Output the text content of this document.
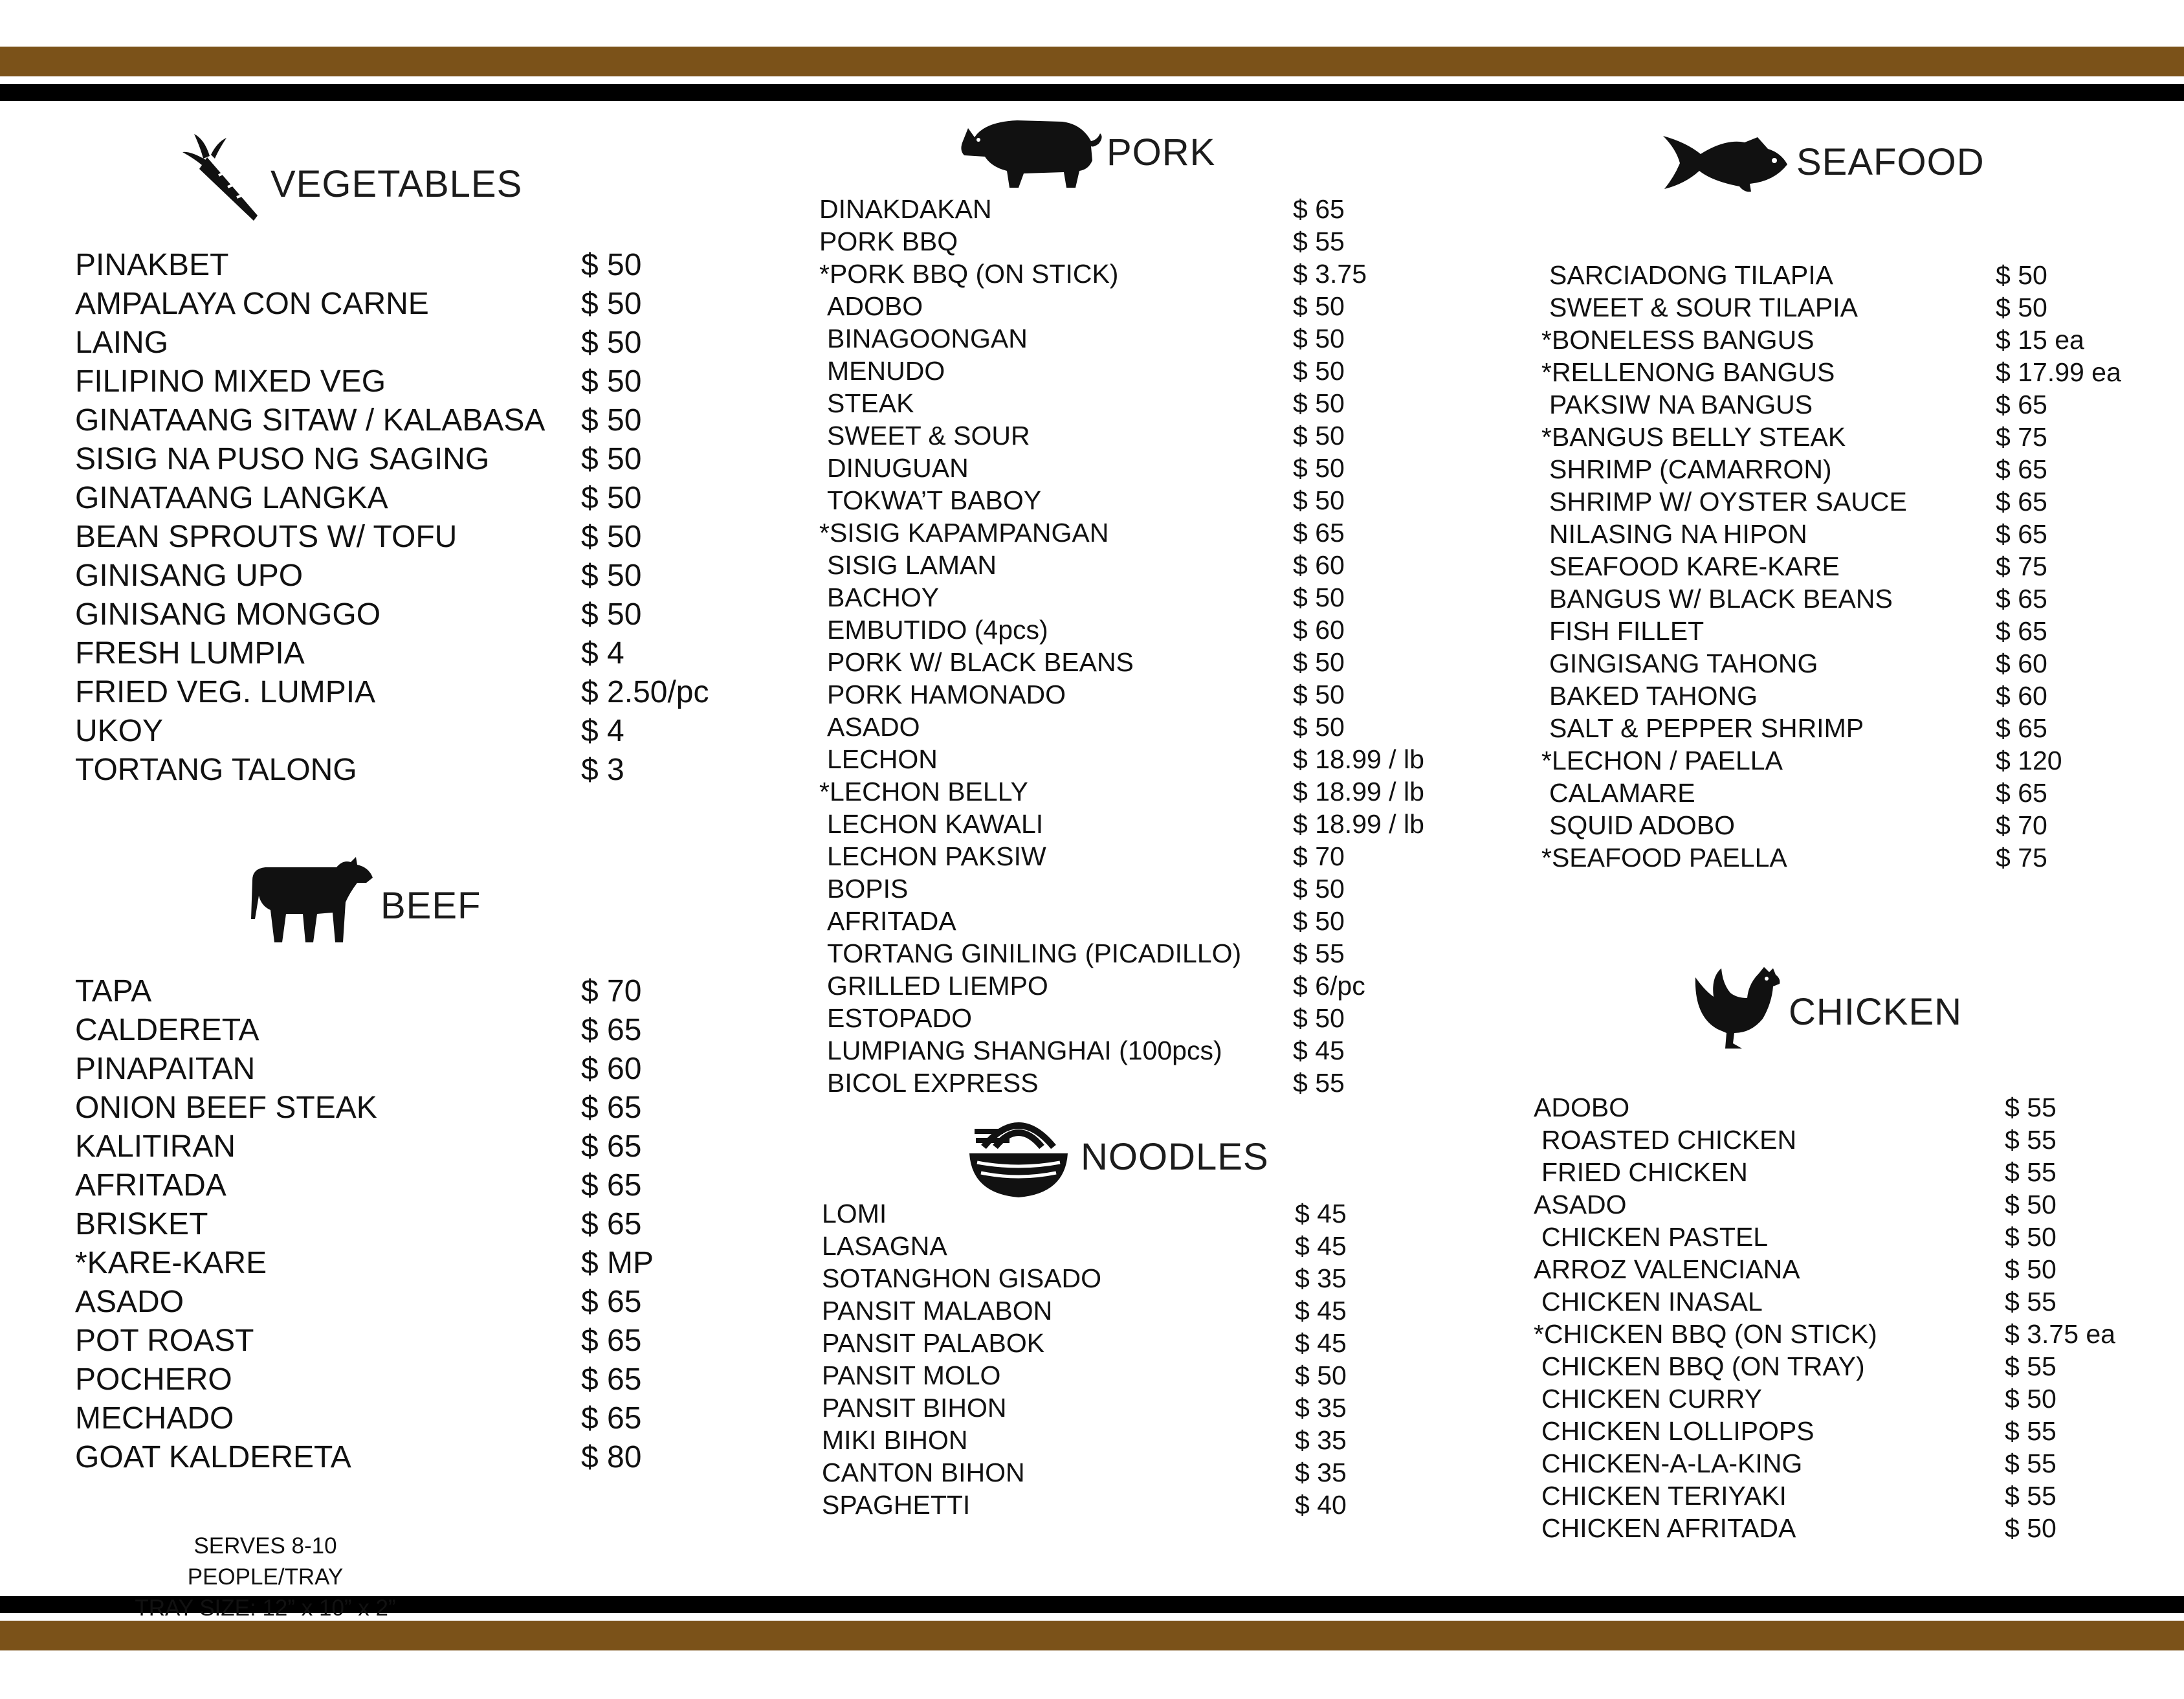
VEGETABLES
PINAKBET	$ 50
AMPALAYA CON CARNE	$ 50
LAING	$ 50
FILIPINO MIXED VEG	$ 50
GINATAANG SITAW / KALABASA $ 50
SISIG NA PUSO NG SAGING	$ 50
GINATAANG LANGKA	$ 50
BEAN SPROUTS W/ TOFU	$ 50
GINISANG UPO	$ 50
GINISANG MONGGO	$ 50
FRESH LUMPIA	$ 4
FRIED VEG. LUMPIA	$ 2.50/pc
UKOY	$ 4
TORTANG TALONG	$ 3
BEEF
TAPA	$ 70
CALDERETA	$ 65
PINAPAITAN	$ 60
ONION BEEF STEAK	$ 65
KALITIRAN	$ 65
AFRITADA	$ 65
BRISKET	$ 65
*KARE-KARE	$ MP
ASADO	$ 65
POT ROAST	$ 65
POCHERO	$ 65
MECHADO	$ 65
GOAT KALDERETA	$ 80
SERVES 8-10 PEOPLE/TRAY
TRAY SIZE: 12” x 10” x 2”
PORK
DINAKDAKAN	$ 65
PORK BBQ	$ 55
*PORK BBQ (ON STICK)	$ 3.75
ADOBO	$ 50
BINAGOONGAN	$ 50
MENUDO	$ 50
STEAK	$ 50
SWEET & SOUR	$ 50
DINUGUAN	$ 50
TOKWA’T BABOY	$ 50
*SISIG KAPAMPANGAN	$ 65
SISIG LAMAN	$ 60
BACHOY	$ 50
EMBUTIDO (4pcs)	$ 60
PORK W/ BLACK BEANS	$ 50
PORK HAMONADO	$ 50
ASADO	$ 50
LECHON	$ 18.99 / lb
*LECHON BELLY	$ 18.99 / lb
LECHON KAWALI	$ 18.99 / lb
LECHON PAKSIW	$ 70
BOPIS	$ 50
AFRITADA	$ 50
TORTANG GINILING (PICADILLO) $ 55
GRILLED LIEMPO	$ 6/pc
ESTOPADO	$ 50
LUMPIANG SHANGHAI (100pcs)	$ 45
BICOL EXPRESS	$ 55
NOODLES
LOMI	$ 45
LASAGNA	$ 45
SOTANGHON GISADO	$ 35
PANSIT MALABON	$ 45
PANSIT PALABOK	$ 45
PANSIT MOLO	$ 50
PANSIT BIHON	$ 35
MIKI BIHON	$ 35
CANTON BIHON	$ 35
SPAGHETTI	$ 40
SEAFOOD
SARCIADONG TILAPIA	$ 50
SWEET & SOUR TILAPIA	$ 50
*BONELESS BANGUS	$ 15 ea
*RELLENONG BANGUS	$ 17.99 ea
PAKSIW NA BANGUS	$ 65
*BANGUS BELLY STEAK	$ 75
SHRIMP (CAMARRON)	$ 65
SHRIMP W/ OYSTER SAUCE	$ 65
NILASING NA HIPON	$ 65
SEAFOOD KARE-KARE	$ 75
BANGUS W/ BLACK BEANS	$ 65
FISH FILLET	$ 65
GINGISANG TAHONG	$ 60
BAKED TAHONG	$ 60
SALT & PEPPER SHRIMP	$ 65
*LECHON / PAELLA	$ 120
CALAMARE	$ 65
SQUID ADOBO	$ 70
*SEAFOOD PAELLA	$ 75
CHICKEN
ADOBO	$ 55
ROASTED CHICKEN	$ 55
FRIED CHICKEN	$ 55
ASADO	$ 50
CHICKEN PASTEL	$ 50
ARROZ VALENCIANA	$ 50
CHICKEN INASAL	$ 55
*CHICKEN BBQ (ON STICK)	$ 3.75 ea
CHICKEN BBQ (ON TRAY)	$ 55
CHICKEN CURRY	$ 50
CHICKEN LOLLIPOPS	$ 55
CHICKEN-A-LA-KING	$ 55
CHICKEN TERIYAKI	$ 55
CHICKEN AFRITADA	$ 50
